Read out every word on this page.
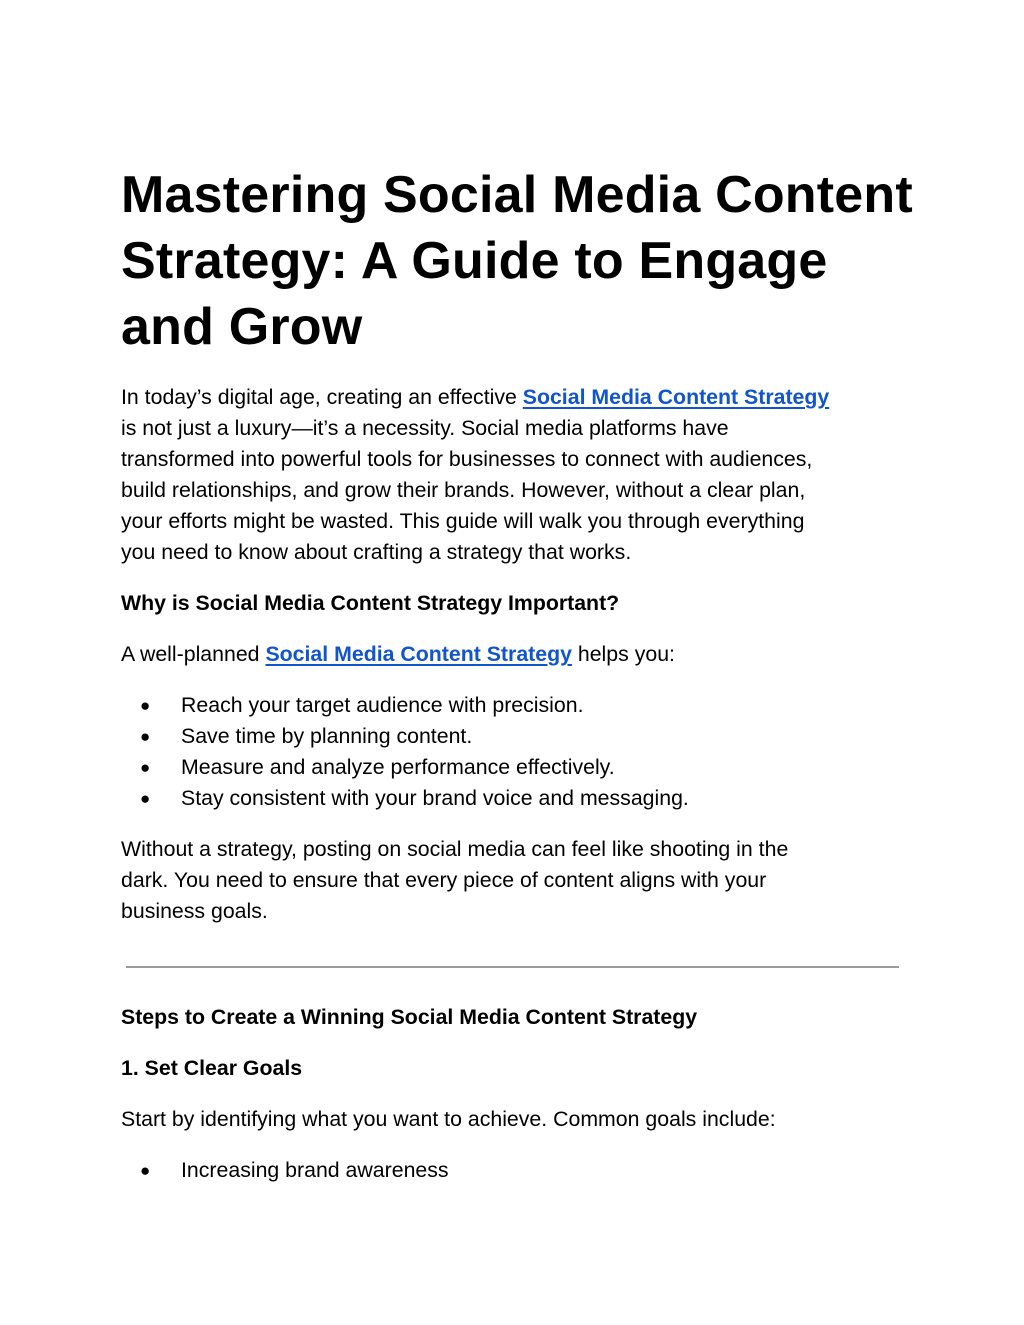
Mastering Social Media Content
Strategy: A Guide to Engage
and Grow

In today’s digital age, creating an effective Social Media Content Strategy
is not just a luxury—it’s a necessity. Social media platforms have
transformed into powerful tools for businesses to connect with audiences,
build relationships, and grow their brands. However, without a clear plan,
your efforts might be wasted. This guide will walk you through everything
you need to know about crafting a strategy that works.

Why is Social Media Content Strategy Important?

A well-planned Social Media Content Strategy helps you:

● Reach your target audience with precision.
● Save time by planning content.
● Measure and analyze performance effectively.
● Stay consistent with your brand voice and messaging.

Without a strategy, posting on social media can feel like shooting in the
dark. You need to ensure that every piece of content aligns with your
business goals.

Steps to Create a Winning Social Media Content Strategy
1. Set Clear Goals

Start by identifying what you want to achieve. Common goals include:

● Increasing brand awareness
